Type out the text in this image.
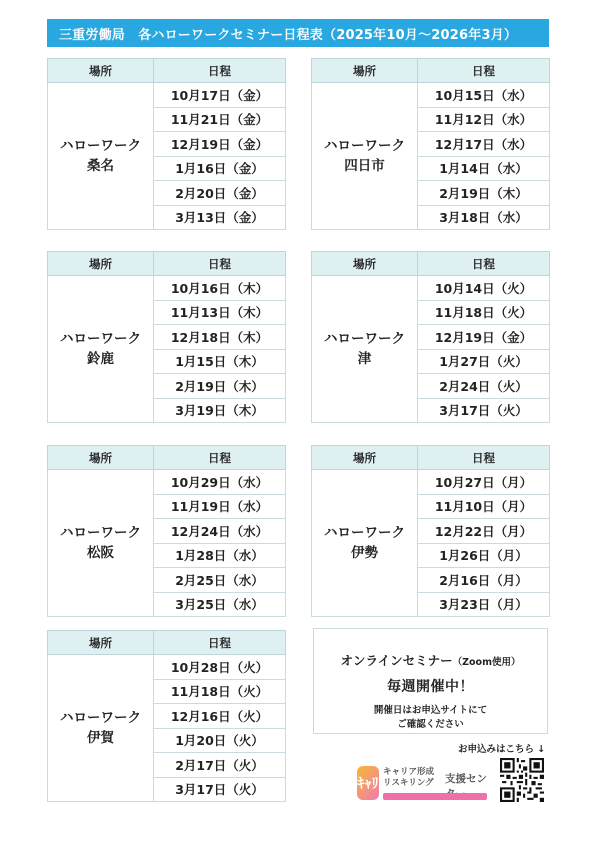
三重労働局　各ハローワークセミナー日程表（2025年10月～2026年3月）
場所	日程

ハローワーク
桑名	10月17日（金）
	11月21日（金）
	12月19日（金）
	1月16日（金）
	2月20日（金）
	3月13日（金）
場所	日程

ハローワーク
四日市	10月15日（水）
	11月12日（水）
	12月17日（水）
	1月14日（水）
	2月19日（木）
	3月18日（水）
場所	日程

ハローワーク
鈴鹿	10月16日（木）
	11月13日（木）
	12月18日（木）
	1月15日（木）
	2月19日（木）
	3月19日（木）
場所	日程

ハローワーク
津	10月14日（火）
	11月18日（火）
	12月19日（金）
	1月27日（火）
	2月24日（火）
	3月17日（火）
場所	日程

ハローワーク
松阪	10月29日（水）
	11月19日（水）
	12月24日（水）
	1月28日（水）
	2月25日（水）
	3月25日（水）
場所	日程

ハローワーク
伊勢	10月27日（月）
	11月10日（月）
	12月22日（月）
	1月26日（月）
	2月16日（月）
	3月23日（月）
場所	日程

ハローワーク
伊賀	10月28日（火）
	11月18日（火）
	12月16日（火）
	1月20日（火）
	2月17日（火）
	3月17日（火）
オンラインセミナー（Zoom使用）
毎週開催中！
開催日はお申込サイトにて
ご確認ください
お申込みはこちら ↓
ｷｬﾘ
キャリア形成
リスキリング 支援セン
